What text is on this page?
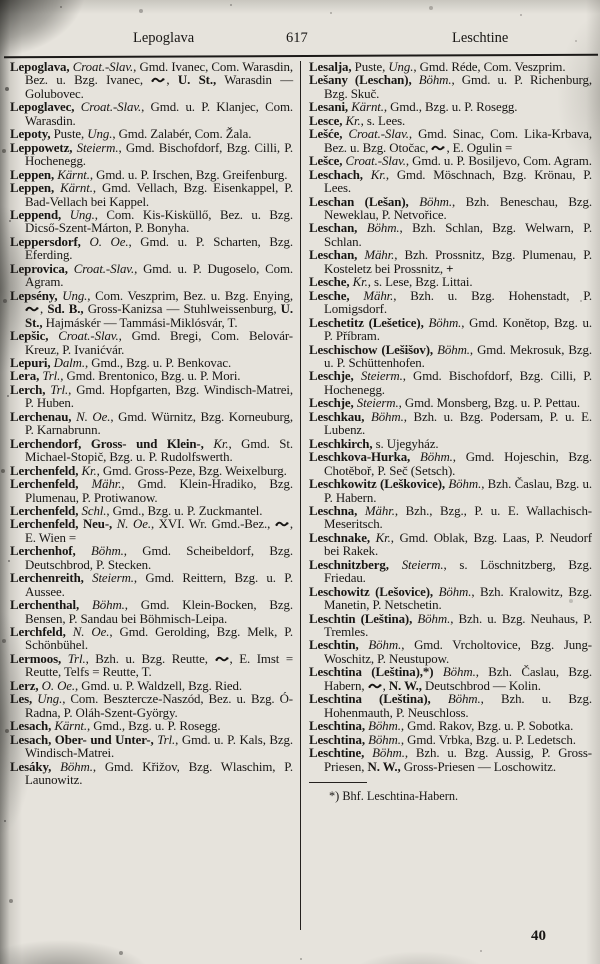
Lepoglava	617	Leschtine

Lepoglava, Croat.-Slav., Gmd. Ivanec, Com. Warasdin, Bez. u. Bzg. Ivanec,
, U. St., Warasdin — Golubovec.

Lepoglavec, Croat.-Slav., Gmd. u. P. Klanjec, Com. Warasdin.

Lepoty, Puste, Ung., Gmd. Zalabér, Com. Žala.

Leppowetz, Steierm., Gmd. Bischofdorf, Bzg. Cilli, P. Hochenegg.

Leppen, Kärnt., Gmd. u. P. Irschen, Bzg. Greifenburg.

Leppen, Kärnt., Gmd. Vellach, Bzg. Eisenkappel, P. Bad-Vellach bei Kappel.

Leppend, Ung., Com. Kis-Kisküllő, Bez. u. Bzg. Dicső-Szent-Márton, P. Bonyha.

Leppersdorf, O. Oe., Gmd. u. P. Scharten, Bzg. Eferding.

Leprovica, Croat.-Slav., Gmd. u. P. Dugoselo, Com. Agram.

Lepsény, Ung., Com. Veszprim, Bez. u. Bzg. Enying,
, Sd. B., Gross-Kanizsa — Stuhlweissenburg, U. St., Hajmáskér — Tammási-Miklósvár, T.

Lepšic, Croat.-Slav., Gmd. Bregi, Com. Belovár-Kreuz, P. Ivanićvár.

Lepuri, Dalm., Gmd., Bzg. u. P. Benkovac.

Lera, Trl., Gmd. Brentonico, Bzg. u. P. Mori.

Lerch, Trl., Gmd. Hopfgarten, Bzg. Windisch-Matrei, P. Huben.

Lerchenau, N. Oe., Gmd. Würnitz, Bzg. Korneuburg, P. Karnabrunn.

Lerchendorf, Gross- und Klein-, Kr., Gmd. St. Michael-Stopič, Bzg. u. P. Rudolfswerth.

Lerchenfeld, Kr., Gmd. Gross-Peze, Bzg. Weixelburg.

Lerchenfeld, Mähr., Gmd. Klein-Hradiko, Bzg. Plumenau, P. Protiwanow.

Lerchenfeld, Schl., Gmd., Bzg. u. P. Zuckmantel.

Lerchenfeld, Neu-, N. Oe., XVI. Wr. Gmd.-Bez.,
, E. Wien =

Lerchenhof, Böhm., Gmd. Scheibeldorf, Bzg. Deutschbrod, P. Stecken.

Lerchenreith, Steierm., Gmd. Reittern, Bzg. u. P. Aussee.

Lerchenthal, Böhm., Gmd. Klein-Bocken, Bzg. Bensen, P. Sandau bei Böhmisch-Leipa.

Lerchfeld, N. Oe., Gmd. Gerolding, Bzg. Melk, P. Schönbühel.

Lermoos, Trl., Bzh. u. Bzg. Reutte,
, E. Imst = Reutte, Telfs = Reutte, T.

Lerz, O. Oe., Gmd. u. P. Waldzell, Bzg. Ried.

Les, Ung., Com. Besztercze-Naszód, Bez. u. Bzg. Ó-Radna, P. Oláh-Szent-György.

Lesach, Kärnt., Gmd., Bzg. u. P. Rosegg.

Lesach, Ober- und Unter-, Trl., Gmd. u. P. Kals, Bzg. Windisch-Matrei.

Lesáky, Böhm., Gmd. Křižov, Bzg. Wlaschim, P. Launowitz.

Lesalja, Puste, Ung., Gmd. Réde, Com. Veszprim.

Lešany (Leschan), Böhm., Gmd. u. P. Richenburg, Bzg. Skuč.

Lesani, Kärnt., Gmd., Bzg. u. P. Rosegg.

Lesce, Kr., s. Lees.

Lešće, Croat.-Slav., Gmd. Sinac, Com. Lika-Krbava, Bez. u. Bzg. Otočac,
, E. Ogulin =

Lešce, Croat.-Slav., Gmd. u. P. Bosiljevo, Com. Agram.

Leschach, Kr., Gmd. Möschnach, Bzg. Krönau, P. Lees.

Leschan (Lešan), Böhm., Bzh. Beneschau, Bzg. Neweklau, P. Netvořice.

Leschan, Böhm., Bzh. Schlan, Bzg. Welwarn, P. Schlan.

Leschan, Mähr., Bzh. Prossnitz, Bzg. Plumenau, P. Kosteletz bei Prossnitz, +

Lesche, Kr., s. Lese, Bzg. Littai.

Lesche, Mähr., Bzh. u. Bzg. Hohenstadt, P. Lomigsdorf.

Leschetitz (Lešetice), Böhm., Gmd. Konětop, Bzg. u. P. Příbram.

Leschischow (Lešišov), Böhm., Gmd. Mekrosuk, Bzg. u. P. Schüttenhofen.

Leschje, Steierm., Gmd. Bischofdorf, Bzg. Cilli, P. Hochenegg.

Leschje, Steierm., Gmd. Monsberg, Bzg. u. P. Pettau.

Leschkau, Böhm., Bzh. u. Bzg. Podersam, P. u. E. Lubenz.

Leschkirch, s. Ujegyház.

Leschkova-Hurka, Böhm., Gmd. Hojeschin, Bzg. Chotěboř, P. Seč (Setsch).

Leschkowitz (Leškovice), Böhm., Bzh. Časlau, Bzg. u. P. Habern.

Leschna, Mähr., Bzh., Bzg., P. u. E. Wallachisch-Meseritsch.

Leschnake, Kr., Gmd. Oblak, Bzg. Laas, P. Neudorf bei Rakek.

Leschnitzberg, Steierm., s. Löschnitzberg, Bzg. Friedau.

Leschowitz (Lešovice), Böhm., Bzh. Kralowitz, Bzg. Manetin, P. Netschetin.

Leschtin (Leština), Böhm., Bzh. u. Bzg. Neuhaus, P. Tremles.

Leschtin, Böhm., Gmd. Vrcholtovice, Bzg. Jung-Woschitz, P. Neustupow.

Leschtina (Leština),*) Böhm., Bzh. Časlau, Bzg. Habern,
, N. W., Deutschbrod — Kolin.

Leschtina (Leština), Böhm., Bzh. u. Bzg. Hohenmauth, P. Neuschloss.

Leschtina, Böhm., Gmd. Rakov, Bzg. u. P. Sobotka.

Leschtina, Böhm., Gmd. Vrbka, Bzg. u. P. Ledetsch.

Leschtine, Böhm., Bzh. u. Bzg. Aussig, P. Gross-Priesen, N. W., Gross-Priesen — Loschowitz.

*) Bhf. Leschtina-Habern.

40
